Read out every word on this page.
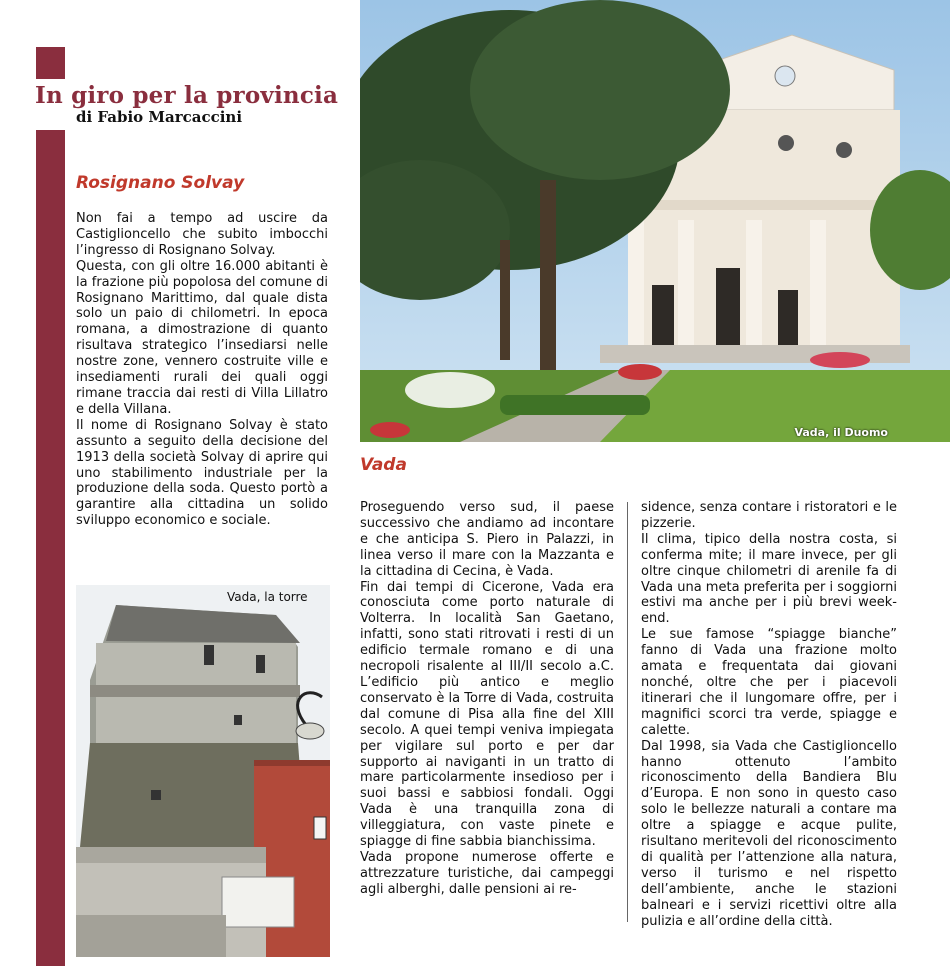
In giro per la provincia
di Fabio Marcaccini
Rosignano Solvay

Non fai a tempo ad uscire da Castiglioncello che subito imbocchi l’ingresso di Rosignano Solvay.

Questa, con gli oltre 16.000 abitanti è la frazione più popolosa del comune di Rosignano Marittimo, dal quale dista solo un paio di chilometri. In epoca romana, a dimostrazione di quanto risultava strategico l’insediarsi nelle nostre zone, vennero costruite ville e insediamenti rurali dei quali oggi rimane traccia dai resti di Villa Lillatro e della Villana.

Il nome di Rosignano Solvay è stato assunto a seguito della decisione del 1913 della società Solvay di aprire qui uno stabilimento industriale per la produzione della soda. Questo portò a garantire alla cittadina un solido sviluppo economico e sociale.

Vada, il Duomo
Vada

Proseguendo verso sud, il paese successivo che andiamo ad incontare e che anticipa S. Piero in Palazzi, in linea verso il mare con la Mazzanta e la cittadina di Cecina, è Vada.

Fin dai tempi di Cicerone, Vada era conosciuta come porto naturale di Volterra. In località San Gaetano, infatti, sono stati ritrovati i resti di un edificio termale romano e di una necropoli risalente al III/II secolo a.C. L’edificio più antico e meglio conservato è la Torre di Vada, costruita dal comune di Pisa alla fine del XIII secolo. A quei tempi veniva impiegata per vigilare sul porto e per dar supporto ai naviganti in un tratto di mare particolarmente insedioso per i suoi bassi e sabbiosi fondali. Oggi Vada è una tranquilla zona di villeggiatura, con vaste pinete e spiagge di fine sabbia bianchissima.

Vada propone numerose offerte e attrezzature turistiche, dai campeggi agli alberghi, dalle pensioni ai re-

sidence, senza contare i ristoratori e le pizzerie.

Il clima, tipico della nostra costa, si conferma mite; il mare invece, per gli oltre cinque chilometri di arenile fa di Vada una meta preferita per i soggiorni estivi ma anche per i più brevi week-end.

Le sue famose “spiagge bianche” fanno di Vada una frazione molto amata e frequentata dai giovani nonché, oltre che per i piacevoli itinerari che il lungomare offre, per i magnifici scorci tra verde, spiagge e calette.

Dal 1998, sia Vada che Castiglioncello hanno ottenuto l’ambito riconoscimento della Bandiera Blu d’Europa. E non sono in questo caso solo le bellezze naturali a contare ma oltre a spiagge e acque pulite, risultano meritevoli del riconoscimento di qualità per l’attenzione alla natura, verso il turismo e nel rispetto dell’ambiente, anche le stazioni balneari e i servizi ricettivi oltre alla pulizia e all’ordine della città.

Vada, la torre
